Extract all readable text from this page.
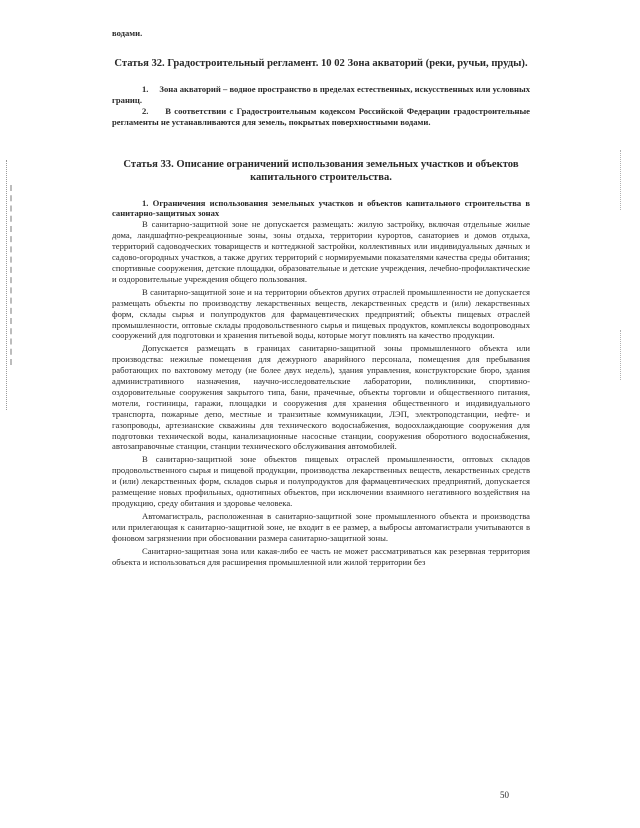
водами.

Статья 32. Градостроительный регламент. 10 02 Зона акваторий (реки, ручьи, пруды).

1.     Зона акваторий – водное пространство в пределах естественных, искусственных или условных границ.

2.     В соответствии с Градостроительным кодексом Российской Федерации градостроительные регламенты не устанавливаются для земель, покрытых поверхностными водами.

Статья 33. Описание ограничений использования земельных участков и объектов капитального строительства.

1. Ограничения использования земельных участков и объектов капитального строительства в санитарно-защитных зонах

В санитарно-защитной зоне не допускается размещать: жилую застройку, включая отдельные жилые дома, ландшафтно-рекреационные зоны, зоны отдыха, территории курортов, санаториев и домов отдыха, территорий садоводческих товариществ и коттеджной застройки, коллективных или индивидуальных дачных и садово-огородных участков, а также других территорий с нормируемыми показателями качества среды обитания; спортивные сооружения, детские площадки, образовательные и детские учреждения, лечебно-профилактические и оздоровительные учреждения общего пользования.

В санитарно-защитной зоне и на территории объектов других отраслей промышленности не допускается размещать объекты по производству лекарственных веществ, лекарственных средств и (или) лекарственных форм, склады сырья и полупродуктов для фармацевтических предприятий; объекты пищевых отраслей промышленности, оптовые склады продовольственного сырья и пищевых продуктов, комплексы водопроводных сооружений для подготовки и хранения питьевой воды, которые могут повлиять на качество продукции.

Допускается размещать в границах санитарно-защитной зоны промышленного объекта или производства: нежилые помещения для дежурного аварийного персонала, помещения для пребывания работающих по вахтовому методу (не более двух недель), здания управления, конструкторские бюро, здания административного назначения, научно-исследовательские лаборатории, поликлиники, спортивно-оздоровительные сооружения закрытого типа, бани, прачечные, объекты торговли и общественного питания, мотели, гостиницы, гаражи, площадки и сооружения для хранения общественного и индивидуального транспорта, пожарные депо, местные и транзитные коммуникации, ЛЭП, электроподстанции, нефте- и газопроводы, артезианские скважины для технического водоснабжения, водоохлаждающие сооружения для подготовки технической воды, канализационные насосные станции, сооружения оборотного водоснабжения, автозаправочные станции, станции технического обслуживания автомобилей.

В санитарно-защитной зоне объектов пищевых отраслей промышленности, оптовых складов продовольственного сырья и пищевой продукции, производства лекарственных веществ, лекарственных средств и (или) лекарственных форм, складов сырья и полупродуктов для фармацевтических предприятий, допускается размещение новых профильных, однотипных объектов, при исключении взаимного негативного воздействия на продукцию, среду обитания и здоровье человека.

Автомагистраль, расположенная в санитарно-защитной зоне промышленного объекта и производства или прилегающая к санитарно-защитной зоне, не входит в ее размер, а выбросы автомагистрали учитываются в фоновом загрязнении при обосновании размера санитарно-защитной зоны.

Санитарно-защитная зона или какая-либо ее часть не может рассматриваться как резервная территория объекта и использоваться для расширения промышленной или жилой территории без

50
